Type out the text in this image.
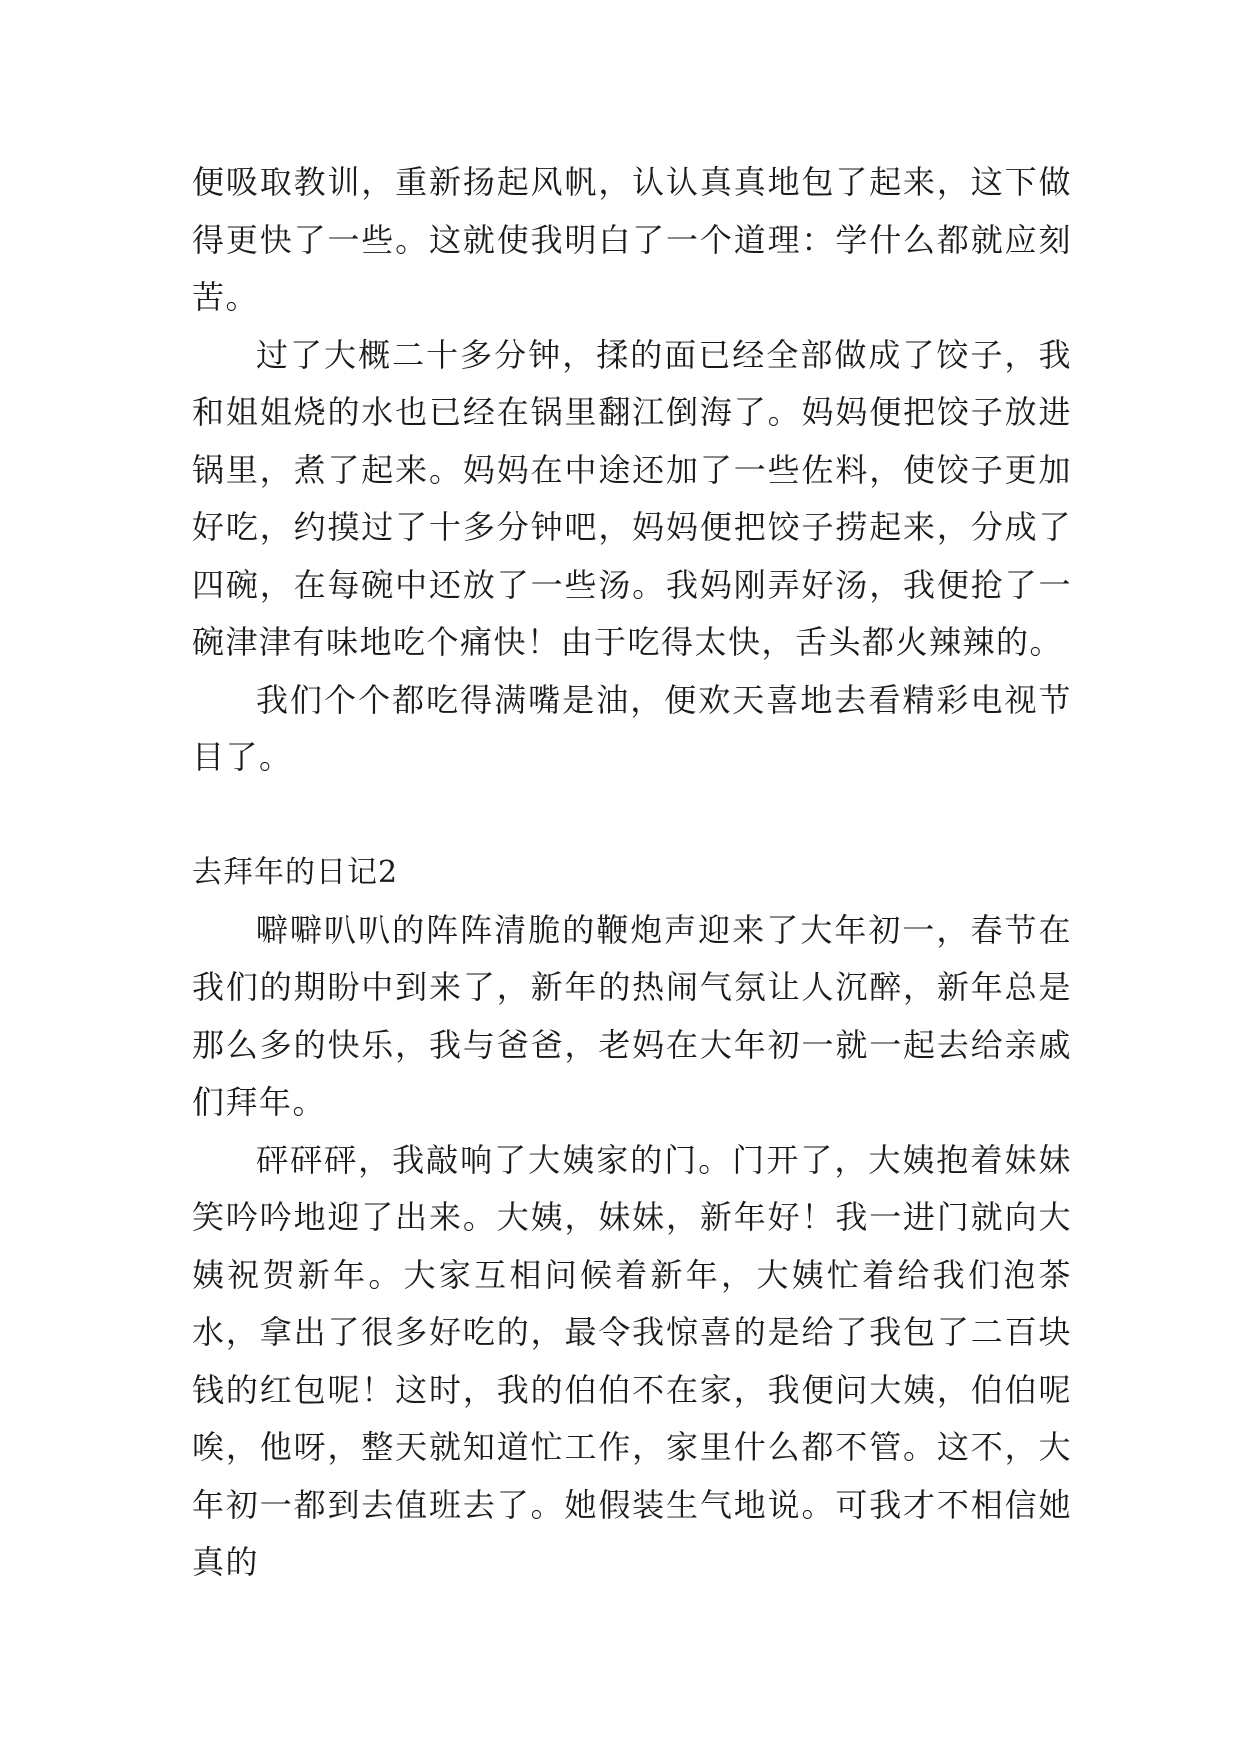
便吸取教训，重新扬起风帆，认认真真地包了起来，这下做得更快了一些。这就使我明白了一个道理：学什么都就应刻苦。

过了大概二十多分钟，揉的面已经全部做成了饺子，我和姐姐烧的水也已经在锅里翻江倒海了。妈妈便把饺子放进锅里，煮了起来。妈妈在中途还加了一些佐料，使饺子更加好吃，约摸过了十多分钟吧，妈妈便把饺子捞起来，分成了四碗，在每碗中还放了一些汤。我妈刚弄好汤，我便抢了一碗津津有味地吃个痛快！由于吃得太快，舌头都火辣辣的。

我们个个都吃得满嘴是油，便欢天喜地去看精彩电视节目了。

去拜年的日记2

噼噼叭叭的阵阵清脆的鞭炮声迎来了大年初一，春节在我们的期盼中到来了，新年的热闹气氛让人沉醉，新年总是那么多的快乐，我与爸爸，老妈在大年初一就一起去给亲戚们拜年。

砰砰砰，我敲响了大姨家的门。门开了，大姨抱着妹妹笑吟吟地迎了出来。大姨，妹妹，新年好！我一进门就向大姨祝贺新年。大家互相问候着新年，大姨忙着给我们泡茶水，拿出了很多好吃的，最令我惊喜的是给了我包了二百块钱的红包呢！这时，我的伯伯不在家，我便问大姨，伯伯呢唉，他呀，整天就知道忙工作，家里什么都不管。这不，大年初一都到去值班去了。她假装生气地说。可我才不相信她真的
